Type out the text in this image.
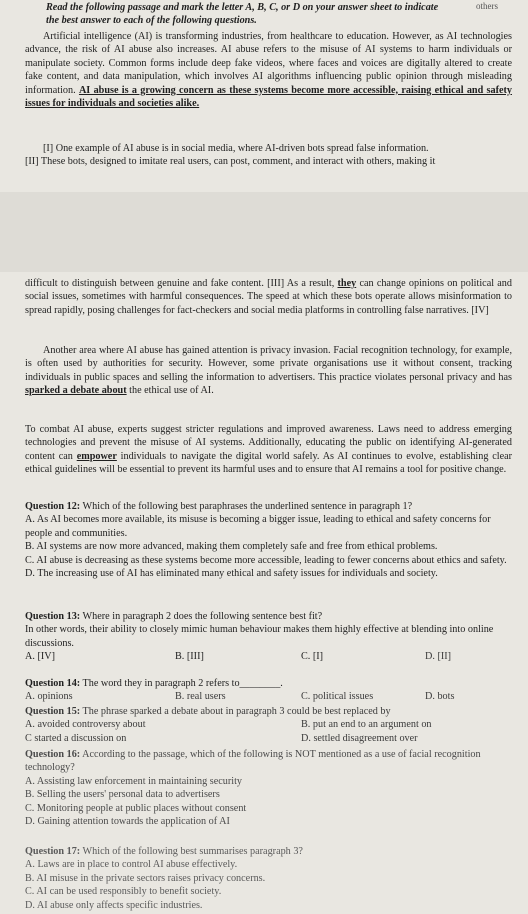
others

Read the following passage and mark the letter A, B, C, or D on your answer sheet to indicate

the best answer to each of the following questions.

Artificial intelligence (AI) is transforming industries, from healthcare to education. However, as AI technologies advance, the risk of AI abuse also increases. AI abuse refers to the misuse of AI systems to harm individuals or manipulate society. Common forms include deep fake videos, where faces and voices are digitally altered to create fake content, and data manipulation, which involves AI algorithms influencing public opinion through misleading information. AI abuse is a growing concern as these systems become more accessible, raising ethical and safety issues for individuals and societies alike.

[I] One example of AI abuse is in social media, where AI-driven bots spread false information.

[II] These bots, designed to imitate real users, can post, comment, and interact with others, making it

difficult to distinguish between genuine and fake content. [III] As a result, they can change opinions on political and social issues, sometimes with harmful consequences. The speed at which these bots operate allows misinformation to spread rapidly, posing challenges for fact-checkers and social media platforms in controlling false narratives. [IV]

Another area where AI abuse has gained attention is privacy invasion. Facial recognition technology, for example, is often used by authorities for security. However, some private organisations use it without consent, tracking individuals in public spaces and selling the information to advertisers. This practice violates personal privacy and has sparked a debate about the ethical use of AI.

To combat AI abuse, experts suggest stricter regulations and improved awareness. Laws need to address emerging technologies and prevent the misuse of AI systems. Additionally, educating the public on identifying AI-generated content can empower individuals to navigate the digital world safely. As AI continues to evolve, establishing clear ethical guidelines will be essential to prevent its harmful uses and to ensure that AI remains a tool for positive change.

Question 12: Which of the following best paraphrases the underlined sentence in paragraph 1?

A. As AI becomes more available, its misuse is becoming a bigger issue, leading to ethical and safety concerns for people and communities.

B. AI systems are now more advanced, making them completely safe and free from ethical problems.

C. AI abuse is decreasing as these systems become more accessible, leading to fewer concerns about ethics and safety.

D. The increasing use of AI has eliminated many ethical and safety issues for individuals and society.

Question 13: Where in paragraph 2 does the following sentence best fit?

In other words, their ability to closely mimic human behaviour makes them highly effective at blending into online discussions.

A. [IV]	B. [III]	C. [I]	D. [II]

Question 14: The word they in paragraph 2 refers to________.

A. opinions	B. real users	C. political issues	D. bots

Question 15: The phrase sparked a debate about in paragraph 3 could be best replaced by

A. avoided controversy about	B. put an end to an argument on
C started a discussion on	D. settled disagreement over

Question 16: According to the passage, which of the following is NOT mentioned as a use of facial recognition technology?

A. Assisting law enforcement in maintaining security

B. Selling the users' personal data to advertisers

C. Monitoring people at public places without consent

D. Gaining attention towards the application of AI

Question 17: Which of the following best summarises paragraph 3?

A. Laws are in place to control AI abuse effectively.

B. AI misuse in the private sectors raises privacy concerns.

C. AI can be used responsibly to benefit society.

D. AI abuse only affects specific industries.
